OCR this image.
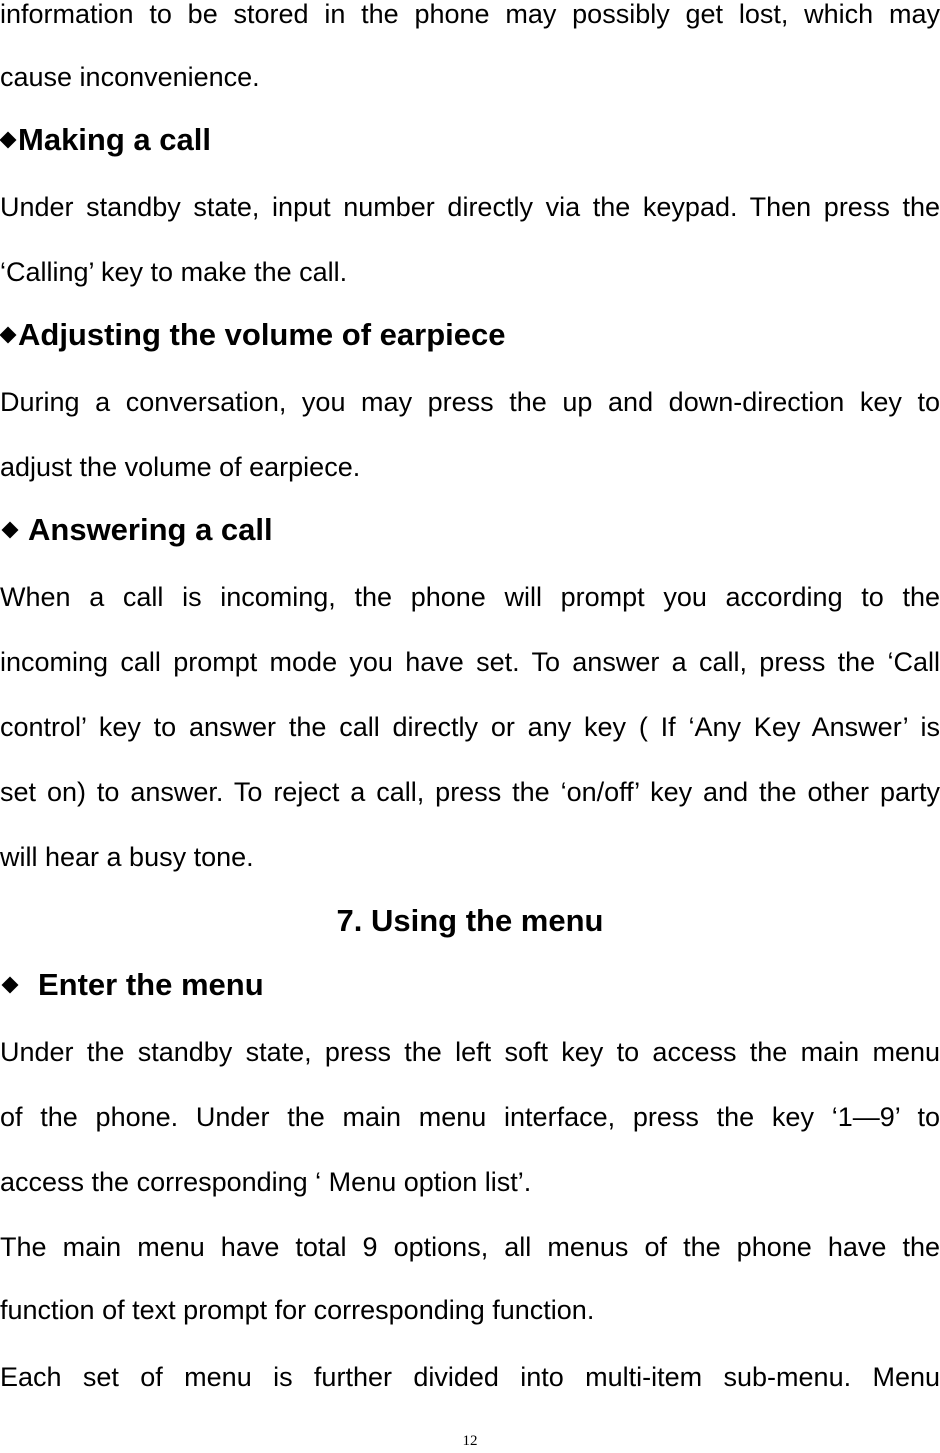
information to be stored in the phone may possibly get lost, which may
cause inconvenience.
Making a call
Under standby state, input number directly via the keypad. Then press the
‘Calling’ key to make the call.
Adjusting the volume of earpiece
During a conversation, you may press the up and down-direction key to
adjust the volume of earpiece.
Answering a call
When a call is incoming, the phone will prompt you according to the
incoming call prompt mode you have set. To answer a call, press the ‘Call
control’ key to answer the call directly or any key ( If ‘Any Key Answer’ is
set on) to answer. To reject a call, press the ‘on/off’ key and the other party
will hear a busy tone.
7. Using the menu
Enter the menu
Under the standby state, press the left soft key to access the main menu
of the phone. Under the main menu interface, press the key ‘1—9’ to
access the corresponding ‘ Menu option list’.
The main menu have total 9 options, all menus of the phone have the
function of text prompt for corresponding function.
Each set of menu is further divided into multi-item sub-menu. Menu
12
